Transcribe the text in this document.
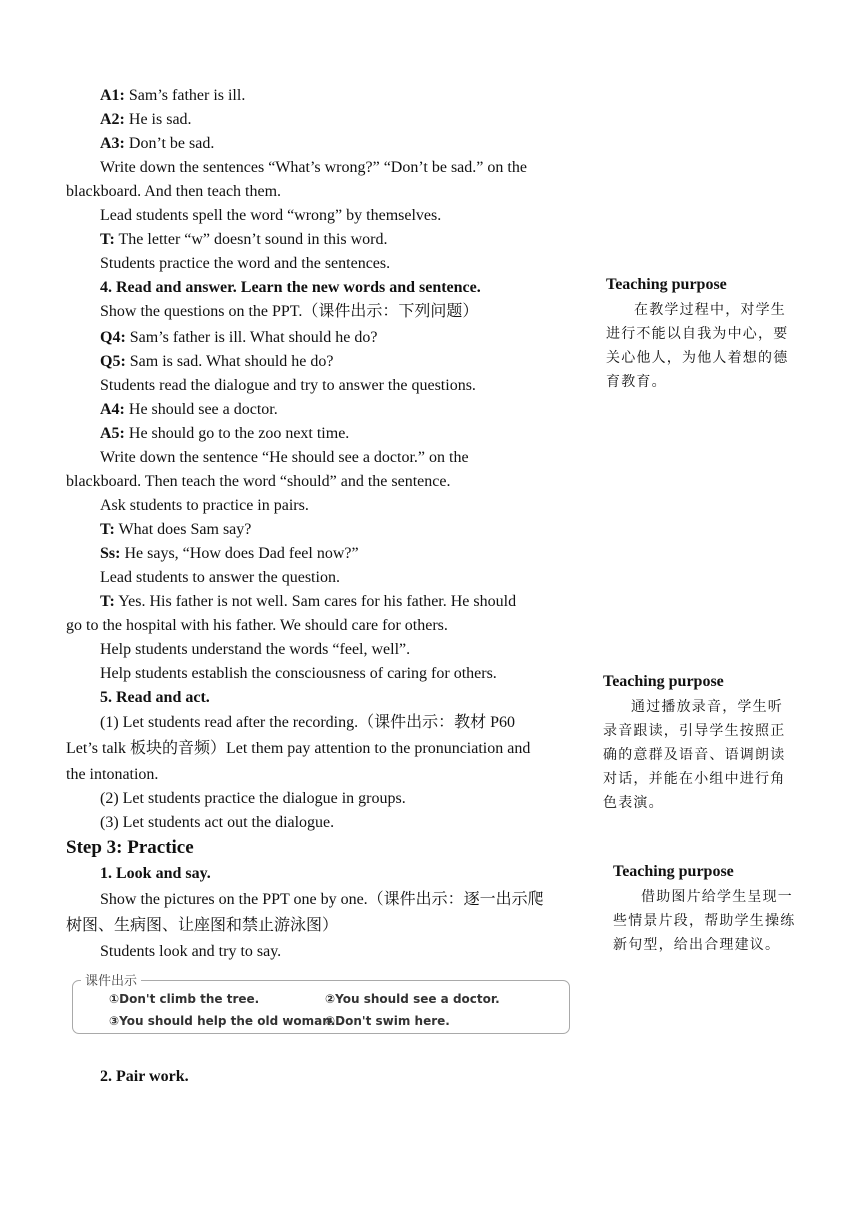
A1: Sam’s father is ill.
A2: He is sad.
A3: Don’t be sad.
Write down the sentences “What’s wrong?” “Don’t be sad.” on the
blackboard. And then teach them.
Lead students spell the word “wrong” by themselves.
T: The letter “w” doesn’t sound in this word.
Students practice the word and the sentences.
4. Read and answer. Learn the new words and sentence.
Show the questions on the PPT.（课件出示：下列问题）
Q4: Sam’s father is ill. What should he do?
Q5: Sam is sad. What should he do?
Students read the dialogue and try to answer the questions.
A4: He should see a doctor.
A5: He should go to the zoo next time.
Write down the sentence “He should see a doctor.” on the
blackboard. Then teach the word “should” and the sentence.
Ask students to practice in pairs.
T: What does Sam say?
Ss: He says, “How does Dad feel now?”
Lead students to answer the question.
T: Yes. His father is not well. Sam cares for his father. He should
go to the hospital with his father. We should care for others.
Help students understand the words “feel, well”.
Help students establish the consciousness of caring for others.
5. Read and act.
(1) Let students read after the recording.（课件出示：教材 P60
Let’s talk 板块的音频）Let them pay attention to the pronunciation and
the intonation.
(2) Let students practice the dialogue in groups.
(3) Let students act out the dialogue.
Step 3: Practice
1. Look and say.
Show the pictures on the PPT one by one.（课件出示：逐一出示爬
树图、生病图、让座图和禁止游泳图）
Students look and try to say.
课件出示
①Don't climb the tree.	②You should see a doctor.
③You should help the old woman.
④Don't swim here.
2. Pair work.
Teaching purpose
在教学过程中，对学生进行不能以自我为中心，要关心他人，为他人着想的德育教育。
Teaching purpose
通过播放录音，学生听录音跟读，引导学生按照正确的意群及语音、语调朗读对话，并能在小组中进行角色表演。
Teaching purpose
借助图片给学生呈现一些情景片段，帮助学生操练新句型，给出合理建议。
